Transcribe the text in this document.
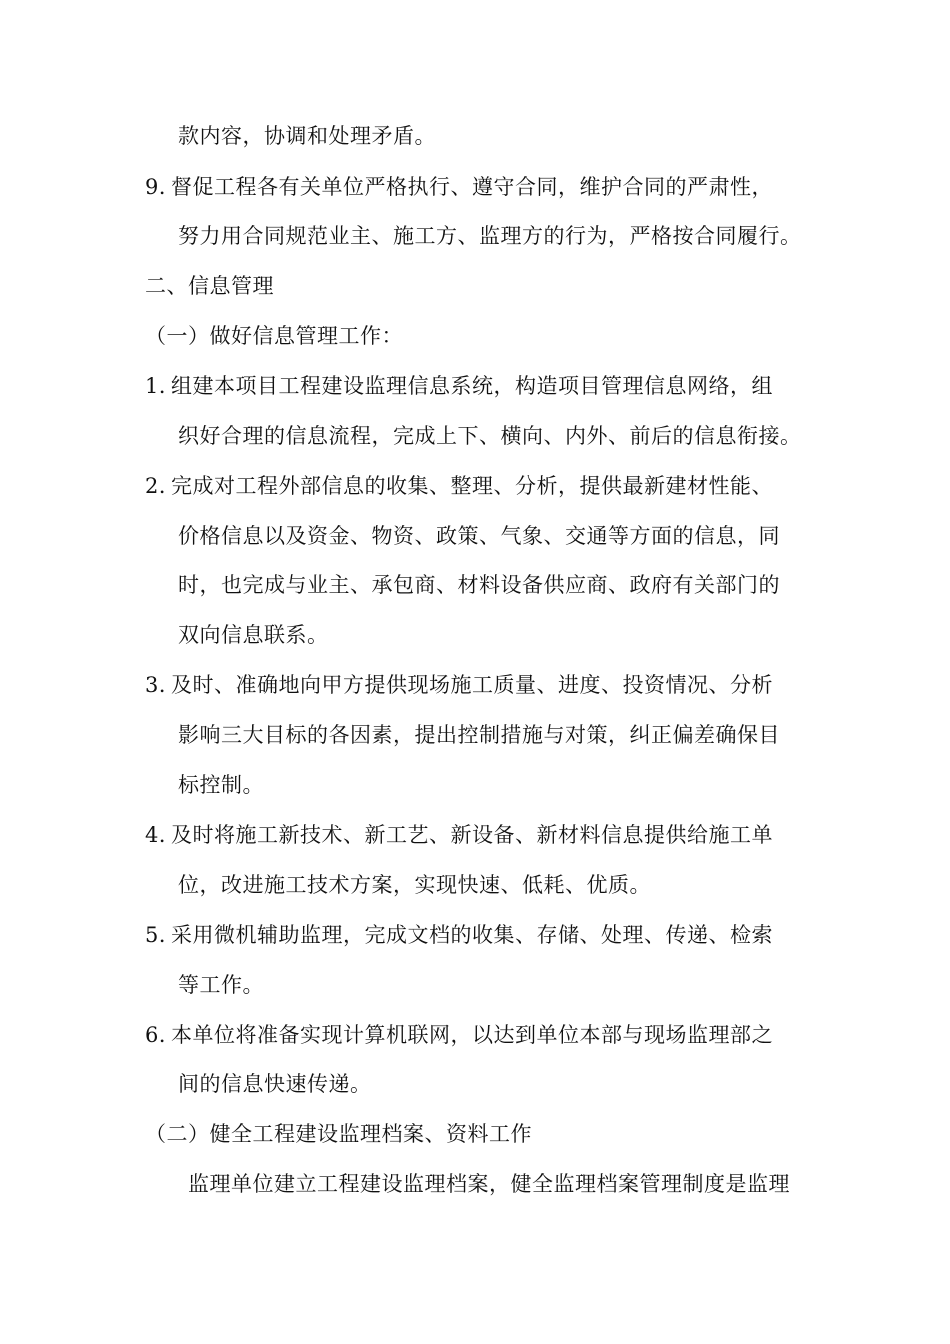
款内容，协调和处理矛盾。
9．督促工程各有关单位严格执行、遵守合同，维护合同的严肃性，
努力用合同规范业主、施工方、监理方的行为，严格按合同履行。
二、信息管理
（一）做好信息管理工作：
1．组建本项目工程建设监理信息系统，构造项目管理信息网络，组
织好合理的信息流程，完成上下、横向、内外、前后的信息衔接。
2．完成对工程外部信息的收集、整理、分析，提供最新建材性能、
价格信息以及资金、物资、政策、气象、交通等方面的信息，同
时，也完成与业主、承包商、材料设备供应商、政府有关部门的
双向信息联系。
3．及时、准确地向甲方提供现场施工质量、进度、投资情况、分析
影响三大目标的各因素，提出控制措施与对策，纠正偏差确保目
标控制。
4．及时将施工新技术、新工艺、新设备、新材料信息提供给施工单
位，改进施工技术方案，实现快速、低耗、优质。
5．采用微机辅助监理，完成文档的收集、存储、处理、传递、检索
等工作。
6．本单位将准备实现计算机联网，以达到单位本部与现场监理部之
间的信息快速传递。
（二）健全工程建设监理档案、资料工作
监理单位建立工程建设监理档案，健全监理档案管理制度是监理
